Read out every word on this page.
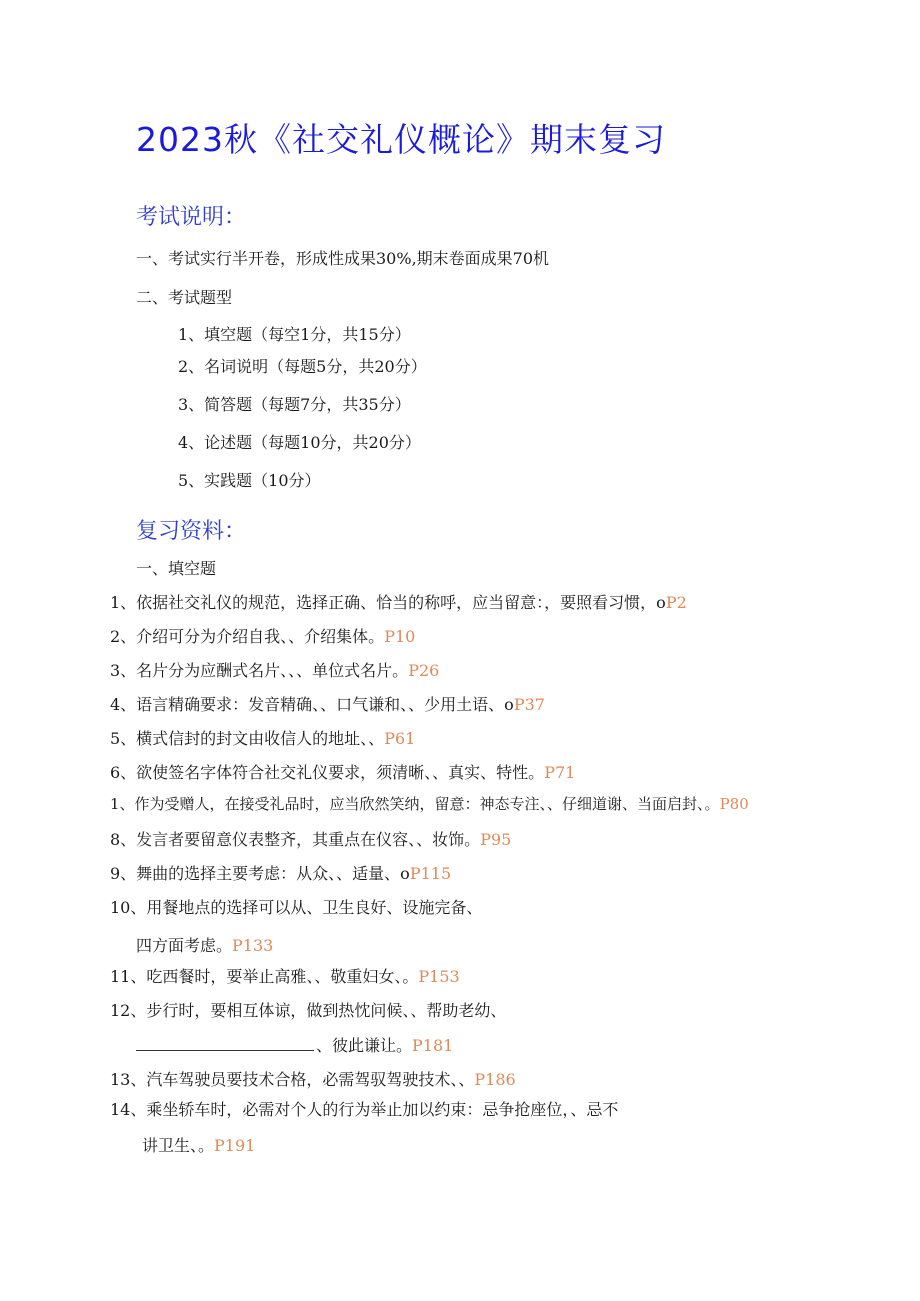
2023秋《社交礼仪概论》期末复习
考试说明：
一、考试实行半开卷，形成性成果30%,期末卷面成果70机
二、考试题型
1、填空题（每空1分，共15分）
2、名词说明（每题5分，共20分）
3、简答题（每题7分，共35分）
4、论述题（每题10分，共20分）
5、实践题（10分）
复习资料：
一、填空题
1、依据社交礼仪的规范，选择正确、恰当的称呼，应当留意：，要照看习惯，oP2
2、介绍可分为介绍自我、、介绍集体。P10
3、名片分为应酬式名片、、、单位式名片。P26
4、语言精确要求：发音精确、、口气谦和、、少用土语、oP37
5、横式信封的封文由收信人的地址、、P61
6、欲使签名字体符合社交礼仪要求，须清晰、、真实、特性。P71
1、作为受赠人，在接受礼品时，应当欣然笑纳，留意：神态专注、、仔细道谢、当面启封、。P80
8、发言者要留意仪表整齐，其重点在仪容、、妆饰。P95
9、舞曲的选择主要考虑：从众、、适量、oP115
10、用餐地点的选择可以从、卫生良好、设施完备、
四方面考虑。P133
11、吃西餐时，要举止高雅、、敬重妇女、。P153
12、步行时，要相互体谅，做到热忱问候、、帮助老幼、
、彼此谦让。P181
13、汽车驾驶员要技术合格，必需驾驭驾驶技术、、P186
14、乘坐轿车时，必需对个人的行为举止加以约束：忌争抢座位，、忌不
讲卫生、。P191
